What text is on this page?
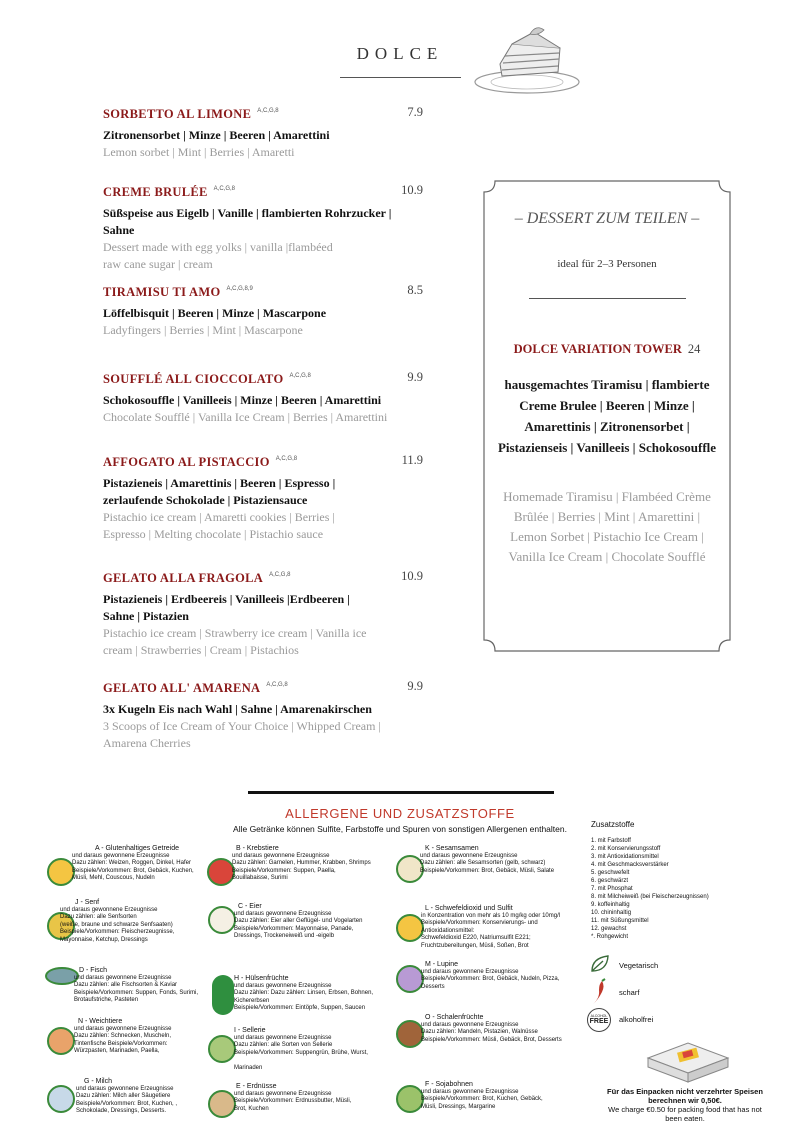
DOLCE
SORBETTO AL LIMONE $^{A,C,G,8}$	7.9
Zitronensorbet | Minze | Beeren | Amarettini
Lemon sorbet | Mint | Berries | Amaretti
CREME BRULÉE $^{A,C,G,8}$	10.9
Süßspeise aus Eigelb | Vanille | flambierten Rohrzucker | Sahne
Dessert made with egg yolks | vanilla |flambéed raw cane sugar | cream
TIRAMISU TI AMO $^{A,C,G,8,9}$	8.5
Löffelbisquit | Beeren | Minze | Mascarpone
Ladyfingers | Berries | Mint | Mascarpone
SOUFFLÉ ALL CIOCCOLATO $^{A,C,G,8}$	9.9
Schokosouffle | Vanilleeis | Minze | Beeren | Amarettini
Chocolate Soufflé | Vanilla Ice Cream | Berries | Amarettini
AFFOGATO AL PISTACCIO $^{A,C,G,8}$	11.9
Pistazieneis | Amarettinis | Beeren | Espresso | zerlaufende Schokolade | Pistaziensauce
Pistachio ice cream | Amaretti cookies | Berries | Espresso | Melting chocolate | Pistachio sauce
GELATO ALLA FRAGOLA $^{A,C,G,8}$	10.9
Pistazieneis | Erdbeereis | Vanilleeis |Erdbeeren | Sahne | Pistazien
Pistachio ice cream | Strawberry ice cream | Vanilla ice cream | Strawberries | Cream | Pistachios
GELATO ALL' AMARENA $^{A,C,G,8}$	9.9
3x Kugeln Eis nach Wahl | Sahne | Amarenakirschen
3 Scoops of Ice Cream of Your Choice | Whipped Cream | Amarena Cherries
– DESSERT ZUM TEILEN –
ideal für 2–3 Personen
DOLCE VARIATION TOWER 24
hausgemachtes Tiramisu | flambierte Creme Brulee | Beeren | Minze | Amarettinis | Zitronensorbet | Pistazienseis | Vanilleeis | Schokosouffle
Homemade Tiramisu | Flambéed Crème Brûlée | Berries | Mint | Amarettini | Lemon Sorbet | Pistachio Ice Cream | Vanilla Ice Cream | Chocolate Soufflé
ALLERGENE UND ZUSATZSTOFFE
Alle Getränke können Sulfite, Farbstoffe und Spuren von sonstigen Allergenen enthalten.
A - Glutenhaltiges Getreide
und daraus gewonnene Erzeugnisse
Dazu zählen: Weizen, Roggen, Dinkel, Hafer
Beispiele/Vorkommen: Brot, Gebäck, Kuchen,
Müsli, Mehl, Couscous, Nudeln
J - Senf
und daraus gewonnene Erzeugnisse
Dazu zählen: alle Senfsorten
(weiße, braune und schwarze Senfsaaten)
Beispiele/Vorkommen: Fleischerzeugnisse,
Mayonnaise, Ketchup, Dressings
D - Fisch
und daraus gewonnene Erzeugnisse
Dazu zählen: alle Fischsorten & Kaviar
Beispiele/Vorkommen: Suppen, Fonds, Surimi,
Brotaufstriche, Pasteten
N - Weichtiere
und daraus gewonnene Erzeugnisse
Dazu zählen: Schnecken, Muscheln,
Tintenfische Beispiele/Vorkommen:
Würzpasten, Marinaden, Paella,
G - Milch
und daraus gewonnene Erzeugnisse
Dazu zählen: Milch aller Säugetiere
Beispiele/Vorkommen: Brot, Kuchen, ,
Schokolade, Dressings, Desserts.
B - Krebstiere
und daraus gewonnene Erzeugnisse
Dazu zählen: Garnelen, Hummer, Krabben, Shrimps
Beispiele/Vorkommen: Suppen, Paella,
Bouillabaisse, Surimi
C - Eier
und daraus gewonnene Erzeugnisse
Dazu zählen: Eier aller Geflügel- und Vogelarten
Beispiele/Vorkommen: Mayonnaise, Panade,
Dressings, Trockeneiweiß und -eigelb
H - Hülsenfrüchte
und daraus gewonnene Erzeugnisse
Dazu zählen: Dazu zählen: Linsen, Erbsen, Bohnen,
Kichererbsen
Beispiele/Vorkommen: Eintöpfe, Suppen, Saucen
I - Sellerie
und daraus gewonnene Erzeugnisse
Dazu zählen: alle Sorten von Sellerie
Beispiele/Vorkommen: Suppengrün, Brühe, Wurst,

Marinaden
E - Erdnüsse
und daraus gewonnene Erzeugnisse
Beispiele/Vorkommen: Erdnussbutter, Müsli,
Brot, Kuchen
K - Sesamsamen
und daraus gewonnene Erzeugnisse
Dazu zählen: alle Sesamsorten (gelb, schwarz)
Beispiele/Vorkommen: Brot, Gebäck, Müsli, Salate
L - Schwefeldioxid und Sulfit
in Konzentration von mehr als 10 mg/kg oder 10mg/l
Beispiele/Vorkommen: Konservierungs- und
Antioxidationsmittel:
Schwefeldioxid E220, Natriumsulfit E221;
Fruchtzubereitungen, Müsli, Soßen, Brot
M - Lupine
und daraus gewonnene Erzeugnisse
Beispiele/Vorkommen: Brot, Gebäck, Nudeln, Pizza,
Desserts
O - Schalenfrüchte
und daraus gewonnene Erzeugnisse
Dazu zählen: Mandeln, Pistazien, Walnüsse
Beispiele/Vorkommen: Müsli, Gebäck, Brot, Desserts
F - Sojabohnen
und daraus gewonnene Erzeugnisse
Beispiele/Vorkommen: Brot, Kuchen, Gebäck,
Müsli, Dressings, Margarine
Zusatzstoffe
1. mit Farbstoff
2. mit Konservierungsstoff
3. mit Antioxidationsmittel
4. mit Geschmacksverstärker
5. geschwefelt
6. geschwärzt
7. mit Phosphat
8. mit Milcheiweiß (bei Fleischerzeugnissen)
9. koffeinhaltig
10. chininhaltig
11. mit Süßungsmittel
12. gewachst
*. Rohgewicht
Vegetarisch
scharf
ALCOHOL
FREE alkoholfrei
Für das Einpacken nicht verzehrter Speisen berechnen wir 0,50€.
We charge €0.50 for packing food that has not been eaten.
